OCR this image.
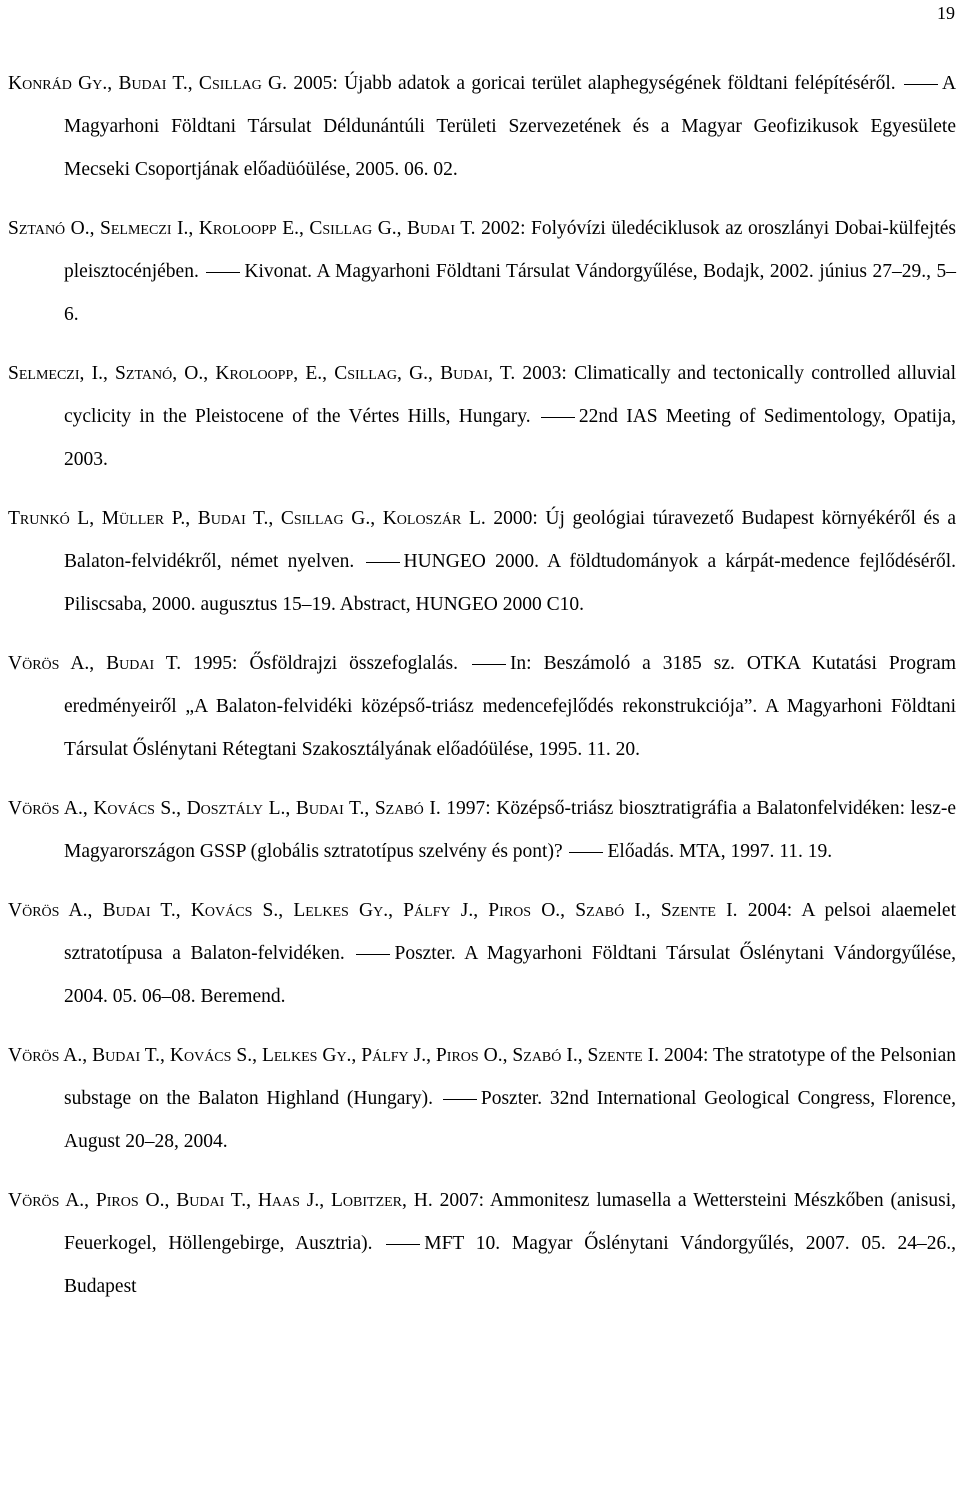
19

Konrád Gy., Budai T., Csillag G. 2005: Újabb adatok a goricai terület alaphegységének földtani felépítéséről. A Magyarhoni Földtani Társulat Déldunántúli Területi Szervezetének és a Magyar Geofizikusok Egyesülete Mecseki Csoportjának előadüóülése, 2005. 06. 02.

Sztanó O., Selmeczi I., Kroloopp E., Csillag G., Budai T. 2002: Folyóvízi üledéciklusok az oroszlányi Dobai-külfejtés pleisztocénjében. Kivonat. A Magyarhoni Földtani Társulat Vándorgyűlése, Bodajk, 2002. június 27–29., 5–6.

Selmeczi, I., Sztanó, O., Kroloopp, E., Csillag, G., Budai, T. 2003: Climatically and tectonically controlled alluvial cyclicity in the Pleistocene of the Vértes Hills, Hungary. 22nd IAS Meeting of Sedimentology, Opatija, 2003.

Trunkó L, Müller P., Budai T., Csillag G., Koloszár L. 2000: Új geológiai túravezető Budapest környékéről és a Balaton-felvidékről, német nyelven.	HUNGEO 2000. A földtudományok a kárpát-medence fejlődéséről. Piliscsaba, 2000. augusztus 15–19. Abstract, HUNGEO 2000 C10.

Vörös A., Budai T. 1995: Ősföldrajzi összefoglalás.	In: Beszámoló a 3185 sz. OTKA Kutatási Program eredményeiről „A Balaton-felvidéki középső-triász medencefejlődés rekonstrukciója”. A Magyarhoni Földtani Társulat Őslénytani Rétegtani Szakosztályának előadóülése, 1995. 11. 20.

Vörös A., Kovács S., Dosztály L., Budai T., Szabó I. 1997: Középső-triász biosztratigráfia a Balatonfelvidéken: lesz-e Magyarországon GSSP (globális sztratotípus szelvény és pont)? Előadás. MTA, 1997. 11. 19.

Vörös A., Budai T., Kovács S., Lelkes Gy., Pálfy J., Piros O., Szabó I., Szente I. 2004: A pelsoi alaemelet sztratotípusa a Balaton-felvidéken.	Poszter. A Magyarhoni Földtani Társulat Őslénytani Vándorgyűlése, 2004. 05. 06–08. Beremend.

Vörös A., Budai T., Kovács S., Lelkes Gy., Pálfy J., Piros O., Szabó I., Szente I. 2004: The stratotype of the Pelsonian substage on the Balaton Highland (Hungary). Poszter. 32nd International Geological Congress, Florence, August 20–28, 2004.

Vörös A., Piros O., Budai T., Haas J., Lobitzer, H. 2007: Ammonitesz lumasella a Wettersteini Mészkőben (anisusi, Feuerkogel, Höllengebirge, Ausztria).	MFT 10. Magyar Őslénytani Vándorgyűlés, 2007. 05. 24–26., Budapest
